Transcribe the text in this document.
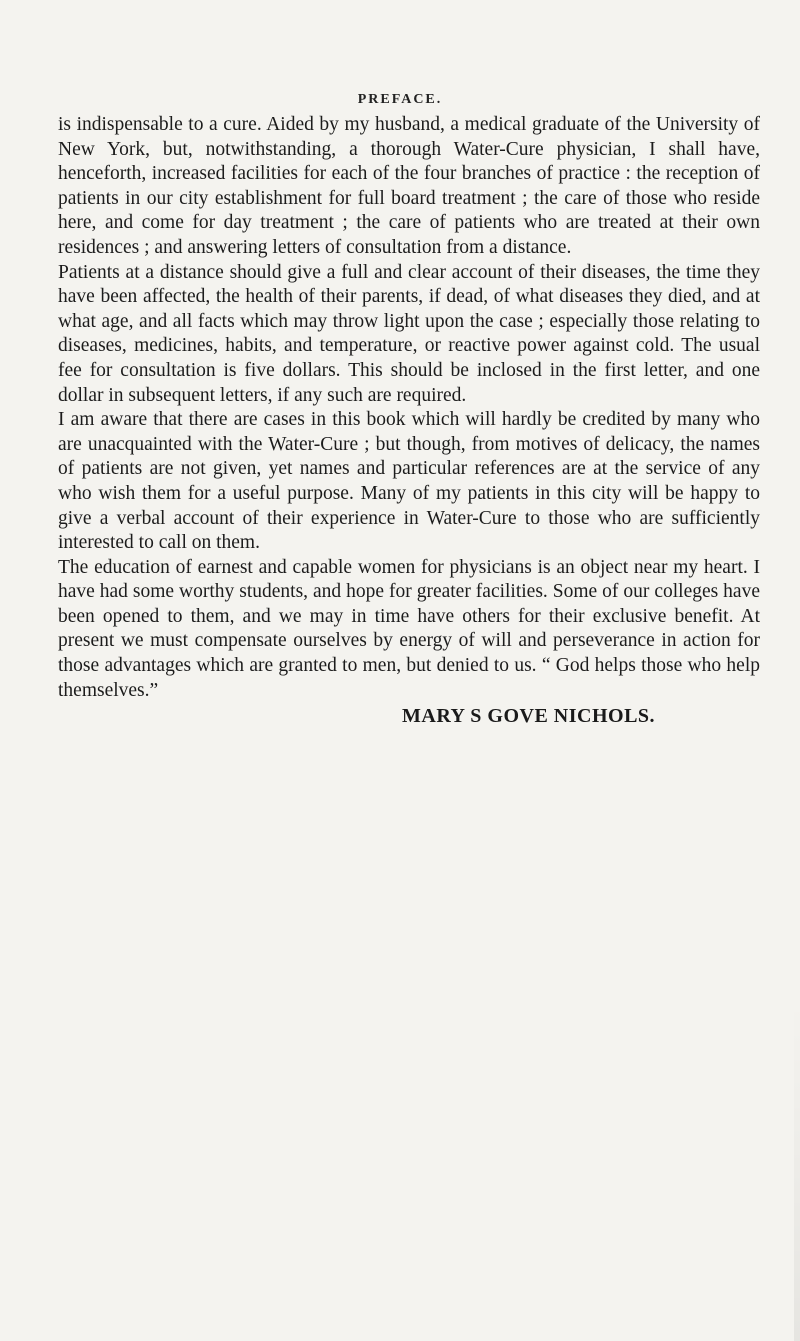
PREFACE.

is indispensable to a cure. Aided by my husband, a medical graduate of the University of New York, but, notwithstanding, a thorough Water-Cure physician, I shall have, henceforth, increased facilities for each of the four branches of practice : the reception of patients in our city establishment for full board treatment ; the care of those who reside here, and come for day treatment ; the care of patients who are treated at their own residences ; and answering letters of consultation from a distance.

Patients at a distance should give a full and clear account of their diseases, the time they have been affected, the health of their parents, if dead, of what diseases they died, and at what age, and all facts which may throw light upon the case ; especially those relating to diseases, medicines, habits, and temperature, or reactive power against cold. The usual fee for consultation is five dollars. This should be inclosed in the first letter, and one dollar in subsequent letters, if any such are required.

I am aware that there are cases in this book which will hardly be credited by many who are unacquainted with the Water-Cure ; but though, from motives of delicacy, the names of patients are not given, yet names and particular references are at the service of any who wish them for a useful purpose. Many of my patients in this city will be happy to give a verbal account of their experience in Water-Cure to those who are sufficiently interested to call on them.

The education of earnest and capable women for physicians is an object near my heart. I have had some worthy students, and hope for greater facilities. Some of our colleges have been opened to them, and we may in time have others for their exclusive benefit. At present we must compensate ourselves by energy of will and perseverance in action for those advantages which are granted to men, but denied to us. “ God helps those who help themselves.”

MARY S GOVE NICHOLS.
